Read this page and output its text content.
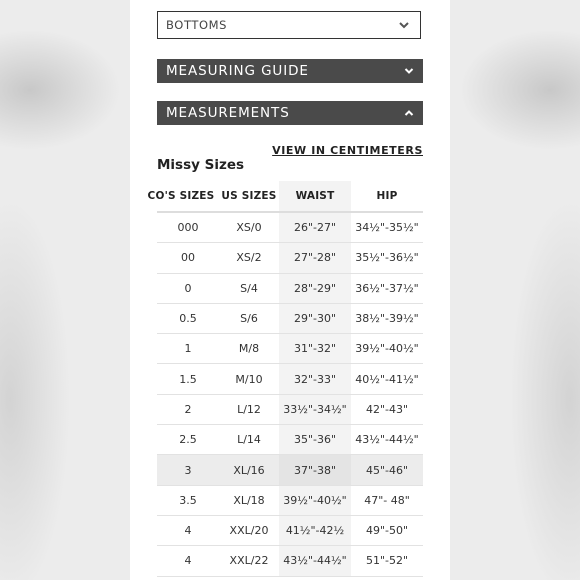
BOTTOMS
MEASURING GUIDE
MEASUREMENTS
VIEW IN CENTIMETERS
Missy Sizes
CO'S SIZES	US SIZES	WAIST	HIP
000	XS/0	26"-27"	34½"-35½"
00	XS/2	27"-28"	35½"-36½"
0	S/4	28"-29"	36½"-37½"
0.5	S/6	29"-30"	38½"-39½"
1	M/8	31"-32"	39½"-40½"
1.5	M/10	32"-33"	40½"-41½"
2	L/12	33½"-34½"	42"-43"
2.5	L/14	35"-36"	43½"-44½"
3	XL/16	37"-38"	45"-46"
3.5	XL/18	39½"-40½"	47"- 48"
4	XXL/20	41½"-42½	49"-50"
4	XXL/22	43½"-44½"	51"-52"
